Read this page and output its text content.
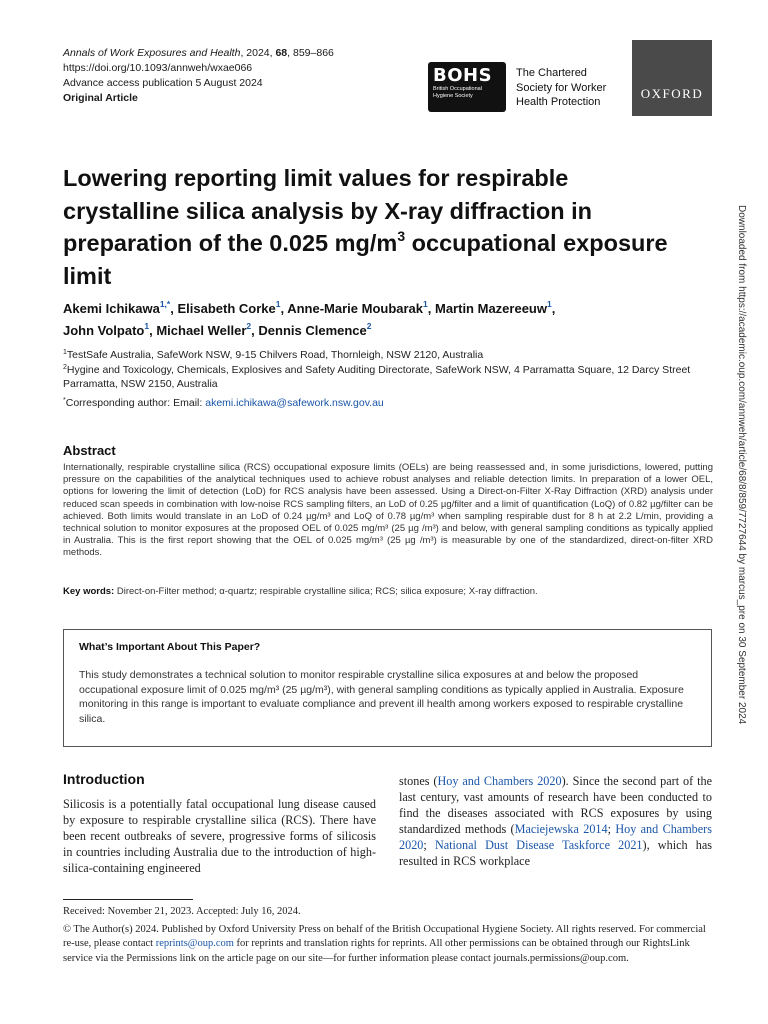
Annals of Work Exposures and Health, 2024, 68, 859–866
https://doi.org/10.1093/annweh/wxae066
Advance access publication 5 August 2024
Original Article
BOHS
British Occupational
Hygiene Society
The Chartered
Society for Worker
Health Protection
OXFORD
Downloaded from https://academic.oup.com/annweh/article/68/8/859/7727644 by marcus_pre on 30 September 2024
Lowering reporting limit values for respirable crystalline silica analysis by X-ray diffraction in preparation of the 0.025 $mg/m^3$ occupational exposure limit
Akemi Ichikawa$^{1,*}$, Elisabeth Corke$^1$, Anne-Marie Moubarak$^1$, Martin Mazereeuw$^1$,
John Volpato$^1$, Michael Weller$^2$, Dennis Clemence$^2$
$^1$TestSafe Australia, SafeWork NSW, 9-15 Chilvers Road, Thornleigh, NSW 2120, Australia
$^2$Hygine and Toxicology, Chemicals, Explosives and Safety Auditing Directorate, SafeWork NSW, 4 Parramatta Square, 12 Darcy Street Parramatta, NSW 2150, Australia
*Corresponding author: Email: akemi.ichikawa@safework.nsw.gov.au
Abstract

Internationally, respirable crystalline silica (RCS) occupational exposure limits (OELs) are being reassessed and, in some jurisdictions, lowered, putting pressure on the capabilities of the analytical techniques used to achieve robust analyses and reliable detection limits. In preparation of a lower OEL, options for lowering the limit of detection (LoD) for RCS analysis have been assessed. Using a Direct-on-Filter X-Ray Diffraction (XRD) analysis under reduced scan speeds in combination with low-noise RCS sampling filters, an LoD of 0.25 µg/filter and a limit of quantification (LoQ) of 0.82 µg/filter can be achieved. Both limits would translate in an LoD of 0.24 µg/m³ and LoQ of 0.78 µg/m³ when sampling respirable dust for 8 h at 2.2 L/min, providing a technical solution to monitor exposures at the proposed OEL of 0.025 mg/m³ (25 µg /m³) and below, with general sampling conditions as typically applied in Australia. This is the first report showing that the OEL of 0.025 mg/m³ (25 µg /m³) is measurable by one of the standardized, direct-on-filter XRD methods.

Key words: Direct-on-Filter method; α-quartz; respirable crystalline silica; RCS; silica exposure; X-ray diffraction.
What’s Important About This Paper?
This study demonstrates a technical solution to monitor respirable crystalline silica exposures at and below the proposed occupational exposure limit of 0.025 mg/m³ (25 µg/m³), with general sampling conditions as typically applied in Australia. Exposure monitoring in this range is important to evaluate compliance and prevent ill health among workers exposed to respirable crystalline silica.
Introduction

Silicosis is a potentially fatal occupational lung disease caused by exposure to respirable crystalline silica (RCS). There have been recent outbreaks of severe, progressive forms of silicosis in countries including Australia due to the introduction of high-silica-containing engineered

stones (Hoy and Chambers 2020). Since the second part of the last century, vast amounts of research have been conducted to find the diseases associated with RCS exposures by using standardized methods (Maciejewska 2014; Hoy and Chambers 2020; National Dust Disease Taskforce 2021), which has resulted in RCS workplace

Received: November 21, 2023. Accepted: July 16, 2024.
© The Author(s) 2024. Published by Oxford University Press on behalf of the British Occupational Hygiene Society. All rights reserved. For commercial re-use, please contact reprints@oup.com for reprints and translation rights for reprints. All other permissions can be obtained through our RightsLink service via the Permissions link on the article page on our site—for further information please contact journals.permissions@oup.com.
